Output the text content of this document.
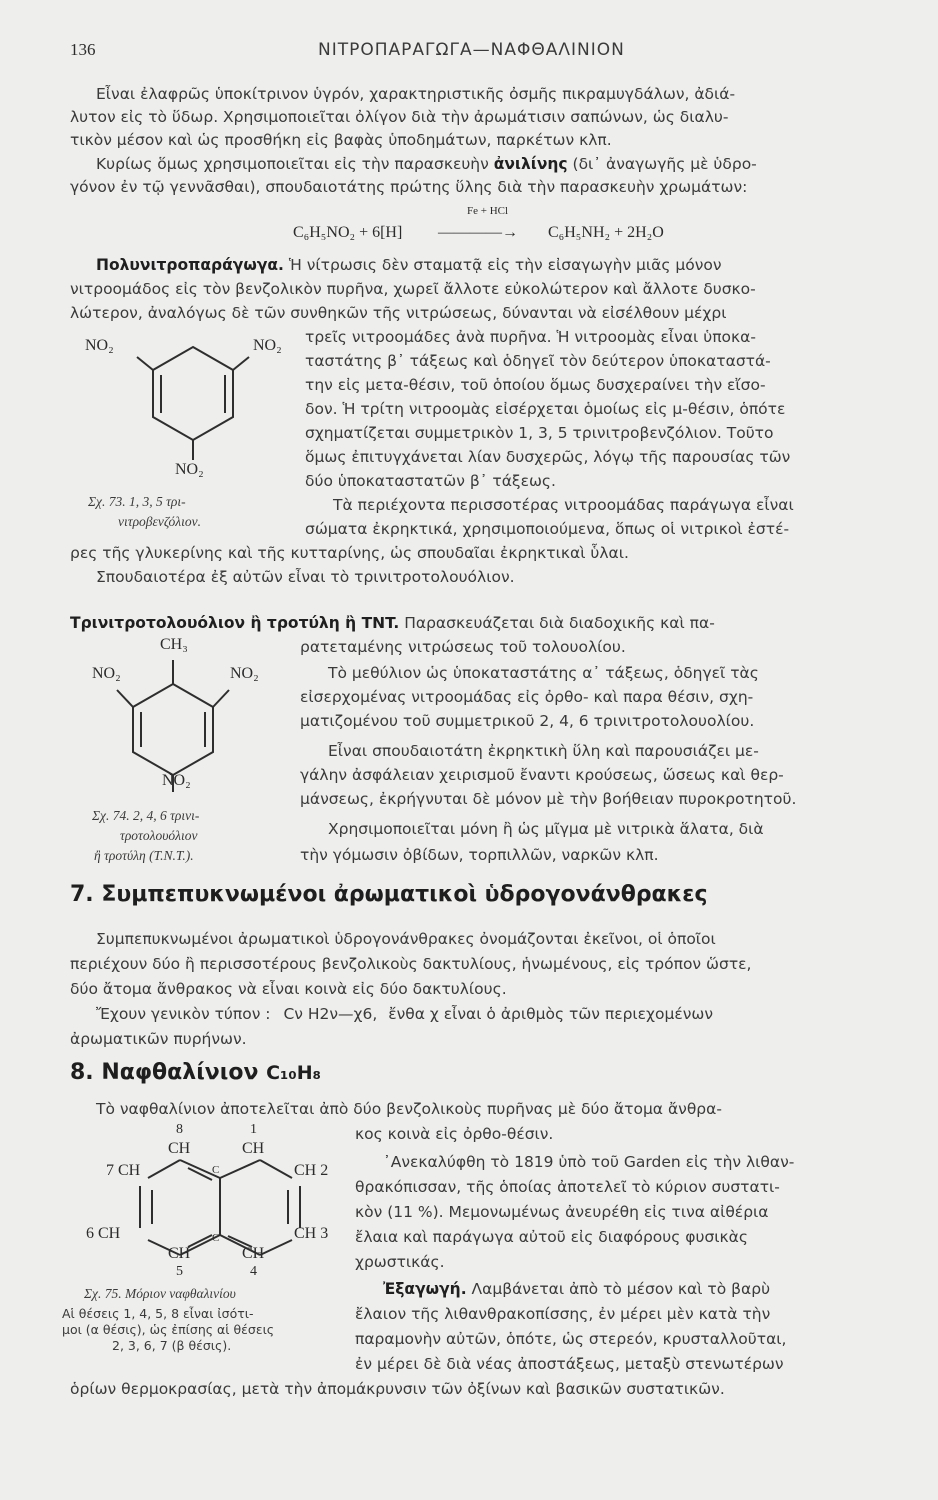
136	ΝΙΤΡΟΠΑΡΑΓΩΓΑ—ΝΑΦΘΑΛΙΝΙΟΝ
Εἶναι ἐλαφρῶς ὑποκίτρινον ὑγρόν, χαρακτηριστικῆς ὀσμῆς πικραμυγδάλων, ἀδιά-
λυτον εἰς τὸ ὕδωρ. Χρησιμοποιεῖται ὀλίγον διὰ τὴν ἀρωμάτισιν σαπώνων, ὡς διαλυ-
τικὸν μέσον καὶ ὡς προσθήκη εἰς βαφὰς ὑποδημάτων, παρκέτων κλπ.
Κυρίως ὅμως χρησιμοποιεῖται εἰς τὴν παρασκευὴν ἀνιλίνης (δι᾽ ἀναγωγῆς μὲ ὑδρο-
γόνον ἐν τῷ γεννᾶσθαι), σπουδαιοτάτης πρώτης ὕλης διὰ τὴν παρασκευὴν χρωμάτων:
Fe + HCl
C₆H₅NO₂ + 6[H] ————→ C₆H₅NH₂ + 2H₂O
Πολυνιτροπαράγωγα. Ἡ νίτρωσις δὲν σταματᾷ εἰς τὴν εἰσαγωγὴν μιᾶς μόνον
νιτροομάδος εἰς τὸν βενζολικὸν πυρῆνα, χωρεῖ ἄλλοτε εὐκολώτερον καὶ ἄλλοτε δυσκο-
λώτερον, ἀναλόγως δὲ τῶν συνθηκῶν τῆς νιτρώσεως, δύνανται νὰ εἰσέλθουν μέχρι
τρεῖς νιτροομάδες ἀνὰ πυρῆνα. Ἡ νιτροομὰς εἶναι ὑποκα-
ταστάτης β᾽ τάξεως καὶ ὁδηγεῖ τὸν δεύτερον ὑποκαταστά-
την εἰς μετα-θέσιν, τοῦ ὁποίου ὅμως δυσχεραίνει τὴν εἴσο-
δον. Ἡ τρίτη νιτροομὰς εἰσέρχεται ὁμοίως εἰς μ-θέσιν, ὁπότε
σχηματίζεται συμμετρικὸν 1, 3, 5 τρινιτροβενζόλιον. Τοῦτο
ὅμως ἐπιτυγχάνεται λίαν δυσχερῶς, λόγῳ τῆς παρουσίας τῶν
δύο ὑποκαταστατῶν β᾽ τάξεως.
Τὰ περιέχοντα περισσοτέρας νιτροομάδας παράγωγα εἶναι
σώματα ἐκρηκτικά, χρησιμοποιούμενα, ὅπως οἱ νιτρικοὶ ἐστέ-
ρες τῆς γλυκερίνης καὶ τῆς κυτταρίνης, ὡς σπουδαῖαι ἐκρηκτικαὶ ὗλαι.
Σπουδαιοτέρα ἐξ αὐτῶν εἶναι τὸ τρινιτροτολουόλιον.
NO₂	NO₂
NO₂
Σχ. 73. 1, 3, 5 τρι-
νιτροβενζόλιον.
Τρινιτροτολουόλιον ἢ τροτύλη ἢ TNT. Παρασκευάζεται διὰ διαδοχικῆς καὶ πα-
ρατεταμένης νιτρώσεως τοῦ τολουολίου.
Τὸ μεθύλιον ὡς ὑποκαταστάτης α᾽ τάξεως, ὁδηγεῖ τὰς
εἰσερχομένας νιτροομάδας εἰς ὀρθο- καὶ παρα θέσιν, σχη-
ματιζομένου τοῦ συμμετρικοῦ 2, 4, 6 τρινιτροτολουολίου.
Εἶναι σπουδαιοτάτη ἐκρηκτικὴ ὕλη καὶ παρουσιάζει με-
γάλην ἀσφάλειαν χειρισμοῦ ἔναντι κρούσεως, ὥσεως καὶ θερ-
μάνσεως, ἐκρήγνυται δὲ μόνον μὲ τὴν βοήθειαν πυροκροτητοῦ.
Χρησιμοποιεῖται μόνη ἢ ὡς μῖγμα μὲ νιτρικὰ ἅλατα, διὰ
τὴν γόμωσιν ὀβίδων, τορπιλλῶν, ναρκῶν κλπ.
CH₃
NO₂	NO₂
NO₂
Σχ. 74. 2, 4, 6 τρινι-
τροτολουόλιον
ἢ τροτύλη (T.N.T.).
7. Συμπεπυκνωμένοι ἀρωματικοὶ ὑδρογονάνθρακες
Συμπεπυκνωμένοι ἀρωματικοὶ ὑδρογονάνθρακες ὀνομάζονται ἐκεῖνοι, οἱ ὁποῖοι
περιέχουν δύο ἢ περισσοτέρους βενζολικοὺς δακτυλίους, ἡνωμένους, εἰς τρόπον ὥστε,
δύο ἄτομα ἄνθρακος νὰ εἶναι κοινὰ εἰς δύο δακτυλίους.
Ἔχουν γενικὸν τύπον : Cν H2ν—χ6, ἔνθα χ εἶναι ὁ ἀριθμὸς τῶν περιεχομένων
ἀρωματικῶν πυρήνων.
8. Ναφθαλίνιον C₁₀H₈
Τὸ ναφθαλίνιον ἀποτελεῖται ἀπὸ δύο βενζολικοὺς πυρῆνας μὲ δύο ἄτομα ἄνθρα-
κος κοινὰ εἰς ὀρθο-θέσιν.
᾽Ανεκαλύφθη τὸ 1819 ὑπὸ τοῦ Garden εἰς τὴν λιθαν-
θρακόπισσαν, τῆς ὁποίας ἀποτελεῖ τὸ κύριον συστατι-
κὸν (11 %). Μεμονωμένως ἀνευρέθη εἰς τινα αἰθέρια
ἔλαια καὶ παράγωγα αὐτοῦ εἰς διαφόρους φυσικὰς
χρωστικάς.
Ἐξαγωγή. Λαμβάνεται ἀπὸ τὸ μέσον καὶ τὸ βαρὺ
ἔλαιον τῆς λιθανθρακοπίσσης, ἐν μέρει μὲν κατὰ τὴν
παραμονὴν αὐτῶν, ὁπότε, ὡς στερεόν, κρυσταλλοῦται,
ἐν μέρει δὲ διὰ νέας ἀποστάξεως, μεταξὺ στενωτέρων
ὁρίων θερμοκρασίας, μετὰ τὴν ἀπομάκρυνσιν τῶν ὀξίνων καὶ βασικῶν συστατικῶν.
8	1
CH	CH
7 CH	C	CH 2
6 CH	C	CH 3
CH	CH
5	4
Σχ. 75. Μόριον ναφθαλινίου
Αἱ θέσεις 1, 4, 5, 8 εἶναι ἰσότι-
μοι (α θέσις), ὡς ἐπίσης αἱ θέσεις
2, 3, 6, 7 (β θέσις).
